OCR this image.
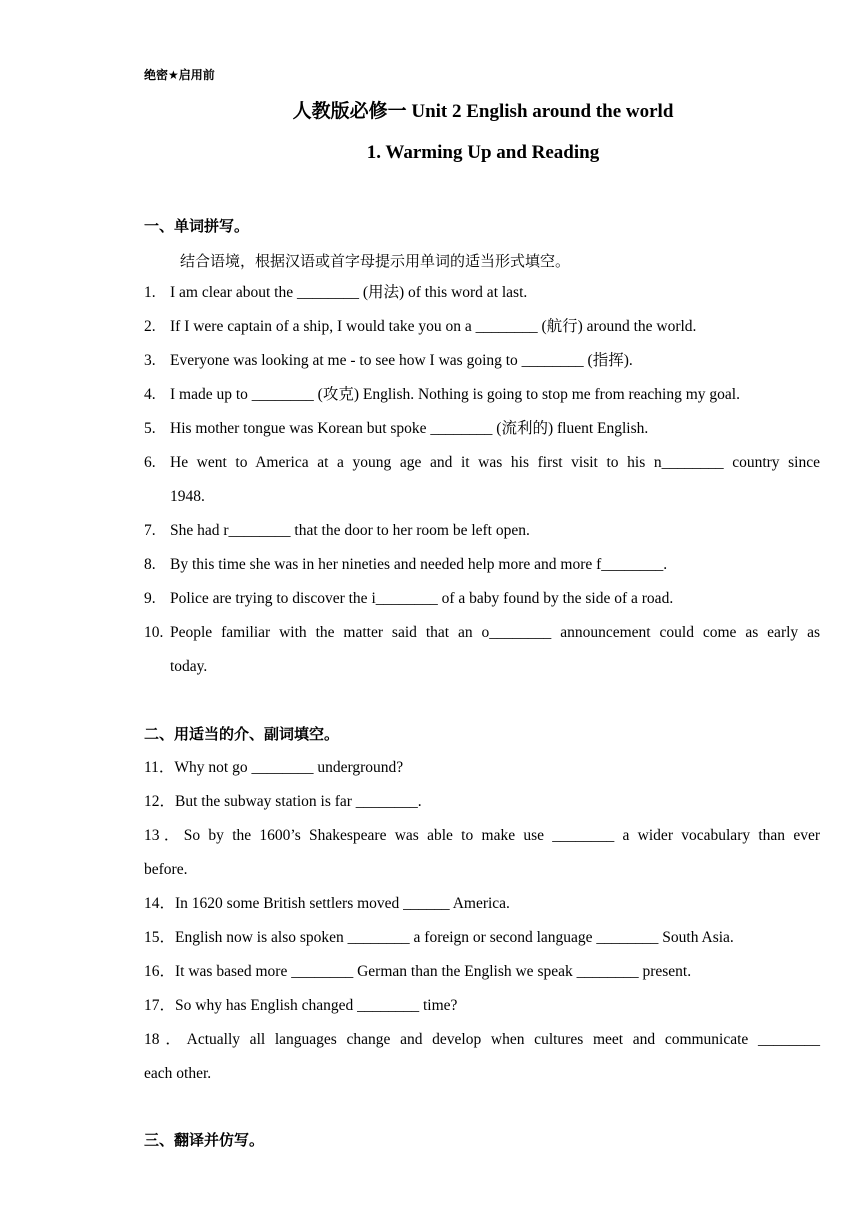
绝密★启用前
人教版必修一 Unit 2 English around the world
1. Warming Up and Reading
一、单词拼写。
结合语境，根据汉语或首字母提示用单词的适当形式填空。
1. I am clear about the ________ (用法) of this word at last.
2. If I were captain of a ship, I would take you on a ________ (航行) around the world.
3. Everyone was looking at me - to see how I was going to ________ (指挥).
4. I made up to ________ (攻克) English. Nothing is going to stop me from reaching my goal.
5. His mother tongue was Korean but spoke ________ (流利的) fluent English.
6. He went to America at a young age and it was his first visit to his n________ country since
1948.
7. She had r________ that the door to her room be left open.
8. By this time she was in her nineties and needed help more and more f________.
9. Police are trying to discover the i________ of a baby found by the side of a road.
10. People familiar with the matter said that an o________ announcement could come as early as
today.
二、用适当的介、副词填空。
11．Why not go ________ underground?
12．But the subway station is far ________.
13．So by the 1600’s Shakespeare was able to make use ________ a wider vocabulary than ever
before.
14．In 1620 some British settlers moved ______ America.
15．English now is also spoken ________ a foreign or second language ________ South Asia.
16．It was based more ________ German than the English we speak ________ present.
17．So why has English changed ________ time?
18．Actually all languages change and develop when cultures meet and communicate ________
each other.
三、翻译并仿写。
